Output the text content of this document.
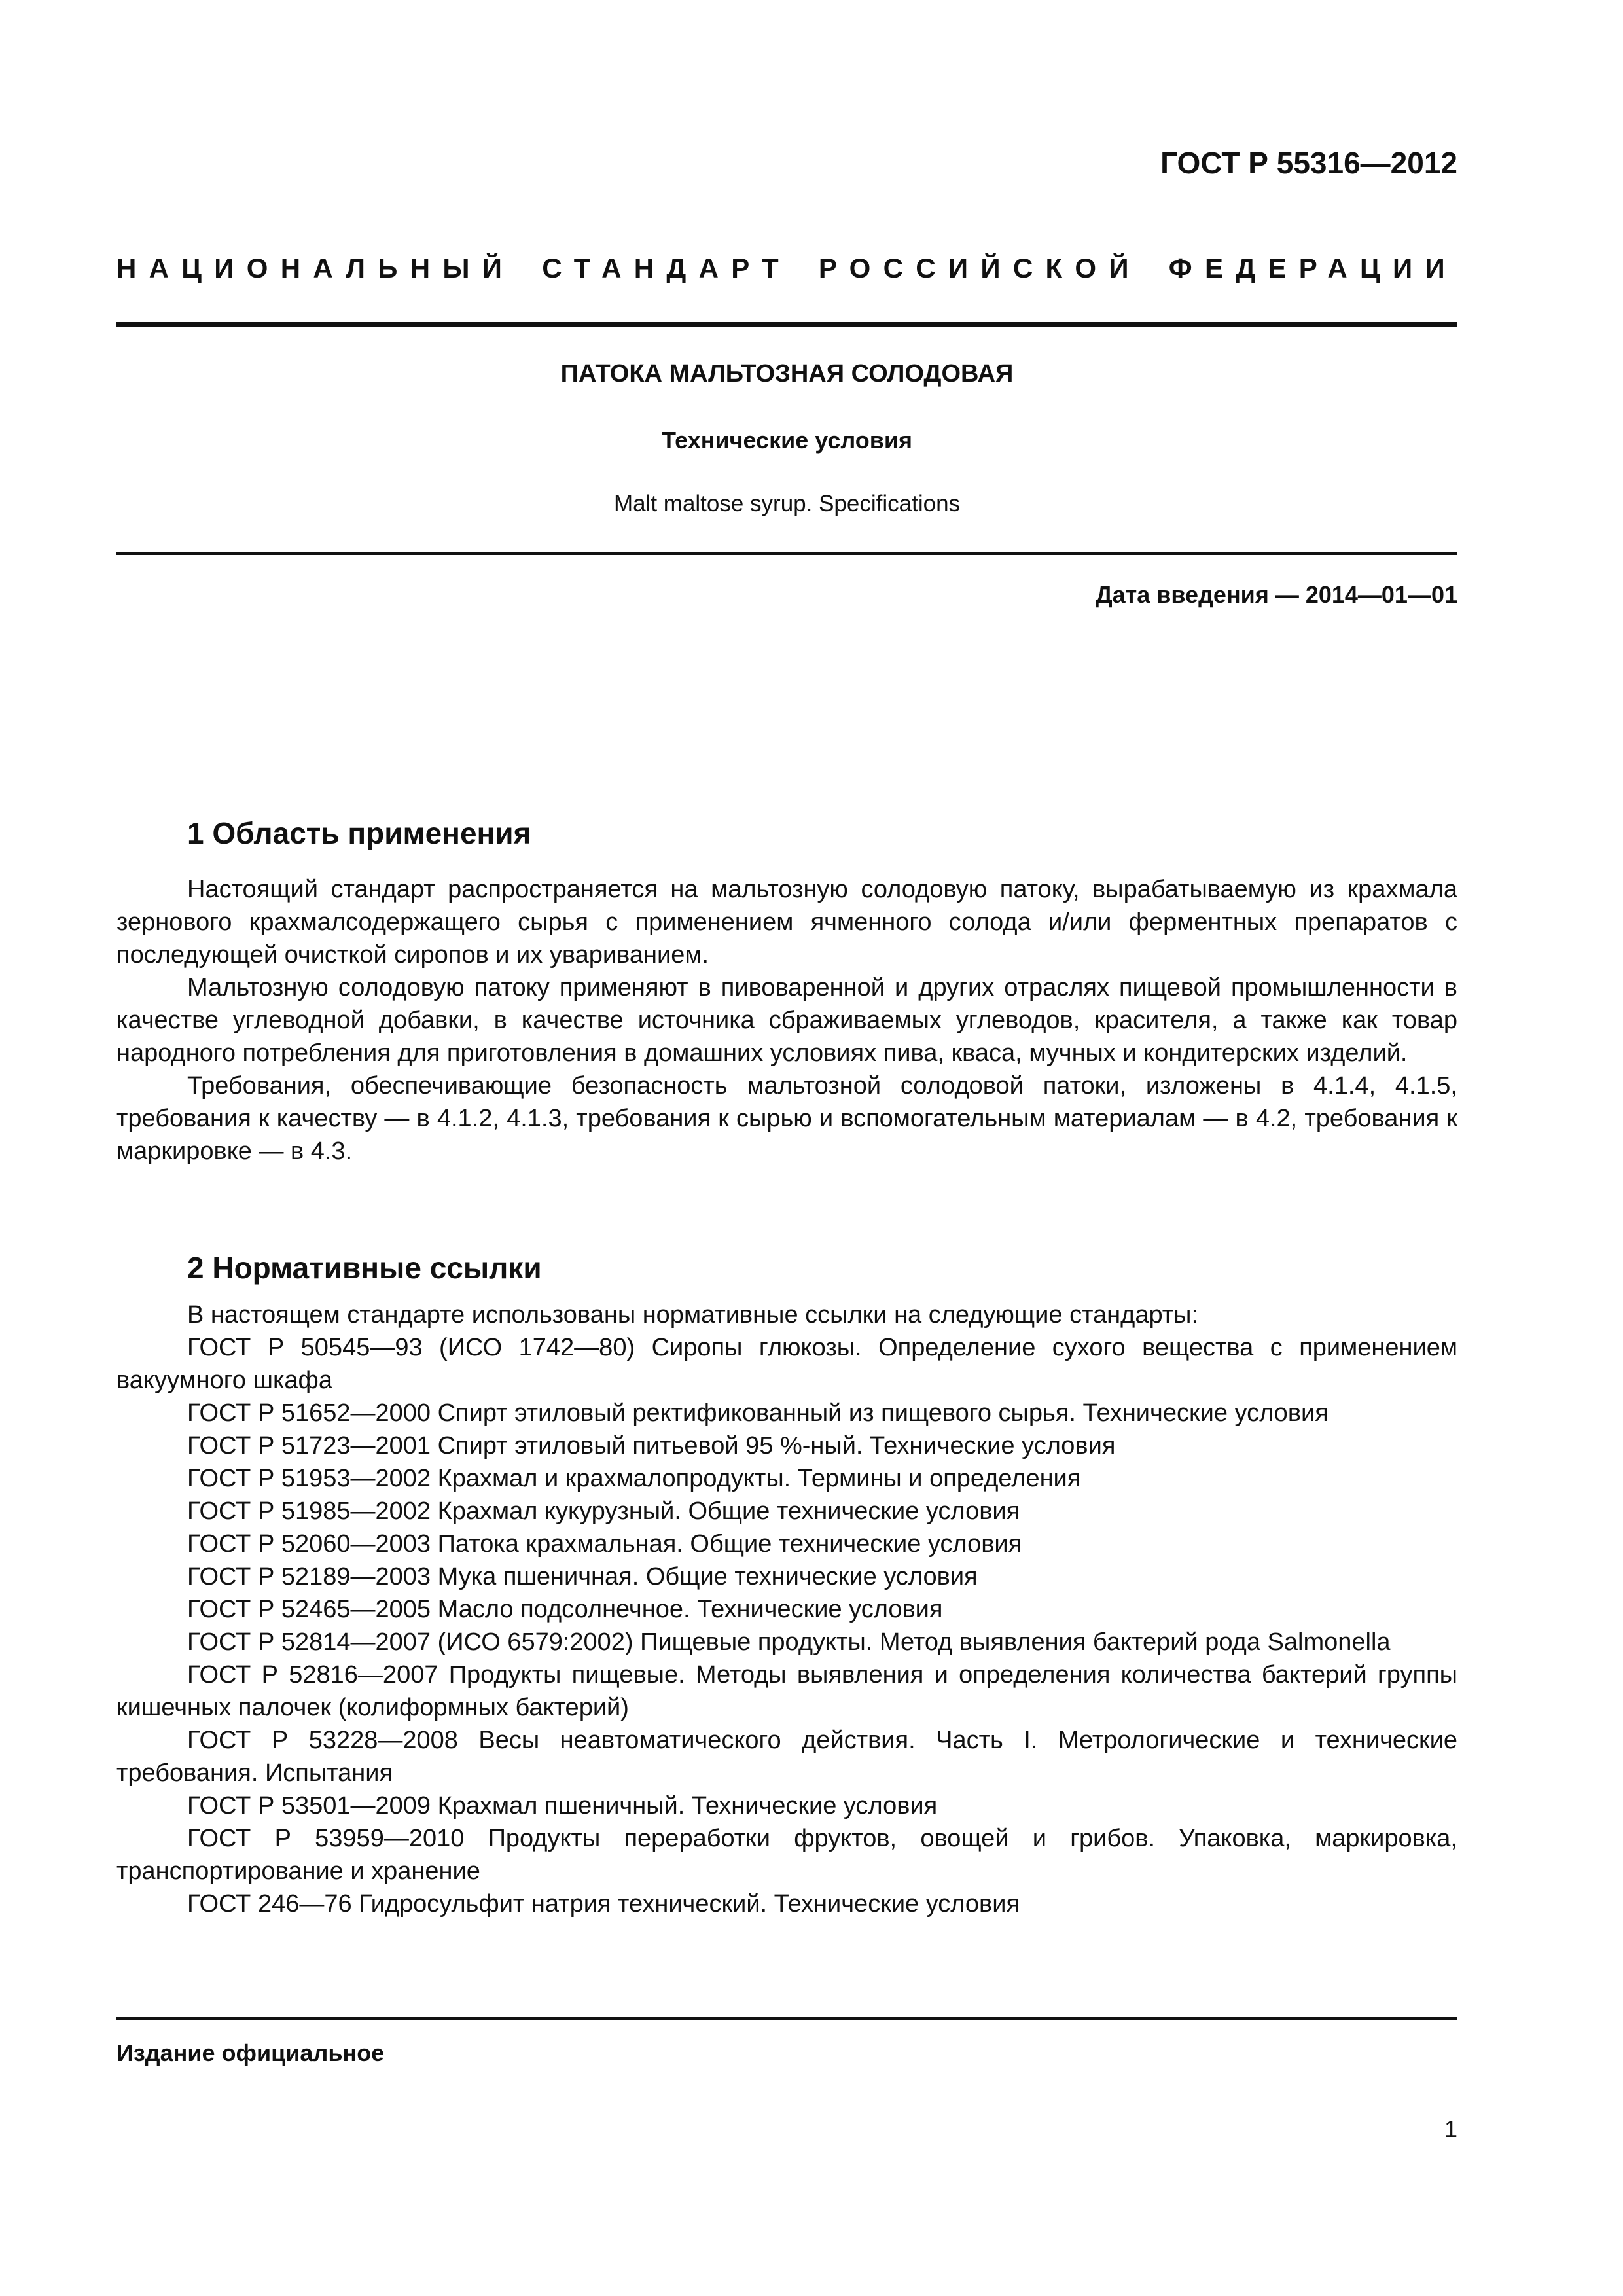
ГОСТ Р 55316—2012
НАЦИОНАЛЬНЫЙ СТАНДАРТ РОССИЙСКОЙ ФЕДЕРАЦИИ
ПАТОКА МАЛЬТОЗНАЯ СОЛОДОВАЯ
Технические условия
Malt maltose syrup. Specifications
Дата введения — 2014—01—01
1 Область применения

Настоящий стандарт распространяется на мальтозную солодовую патоку, вырабатываемую из крахмала зернового крахмалсодержащего сырья с применением ячменного солода и/или ферментных препаратов с последующей очисткой сиропов и их увариванием.

Мальтозную солодовую патоку применяют в пивоваренной и других отраслях пищевой промышленности в качестве углеводной добавки, в качестве источника сбраживаемых углеводов, красителя, а также как товар народного потребления для приготовления в домашних условиях пива, кваса, мучных и кондитерских изделий.

Требования, обеспечивающие безопасность мальтозной солодовой патоки, изложены в 4.1.4, 4.1.5, требования к качеству — в 4.1.2, 4.1.3, требования к сырью и вспомогательным материалам — в 4.2, требования к маркировке — в 4.3.

2 Нормативные ссылки

В настоящем стандарте использованы нормативные ссылки на следующие стандарты:

ГОСТ Р 50545—93 (ИСО 1742—80) Сиропы глюкозы. Определение сухого вещества с применением вакуумного шкафа

ГОСТ Р 51652—2000 Спирт этиловый ректификованный из пищевого сырья. Технические условия

ГОСТ Р 51723—2001 Спирт этиловый питьевой 95 %-ный. Технические условия

ГОСТ Р 51953—2002 Крахмал и крахмалопродукты. Термины и определения

ГОСТ Р 51985—2002 Крахмал кукурузный. Общие технические условия

ГОСТ Р 52060—2003 Патока крахмальная. Общие технические условия

ГОСТ Р 52189—2003 Мука пшеничная. Общие технические условия

ГОСТ Р 52465—2005 Масло подсолнечное. Технические условия

ГОСТ Р 52814—2007 (ИСО 6579:2002) Пищевые продукты. Метод выявления бактерий рода Salmonella

ГОСТ Р 52816—2007 Продукты пищевые. Методы выявления и определения количества бактерий группы кишечных палочек (колиформных бактерий)

ГОСТ Р 53228—2008 Весы неавтоматического действия. Часть I. Метрологические и технические требования. Испытания

ГОСТ Р 53501—2009 Крахмал пшеничный. Технические условия

ГОСТ Р 53959—2010 Продукты переработки фруктов, овощей и грибов. Упаковка, маркировка, транспортирование и хранение

ГОСТ 246—76 Гидросульфит натрия технический. Технические условия

Издание официальное
1
